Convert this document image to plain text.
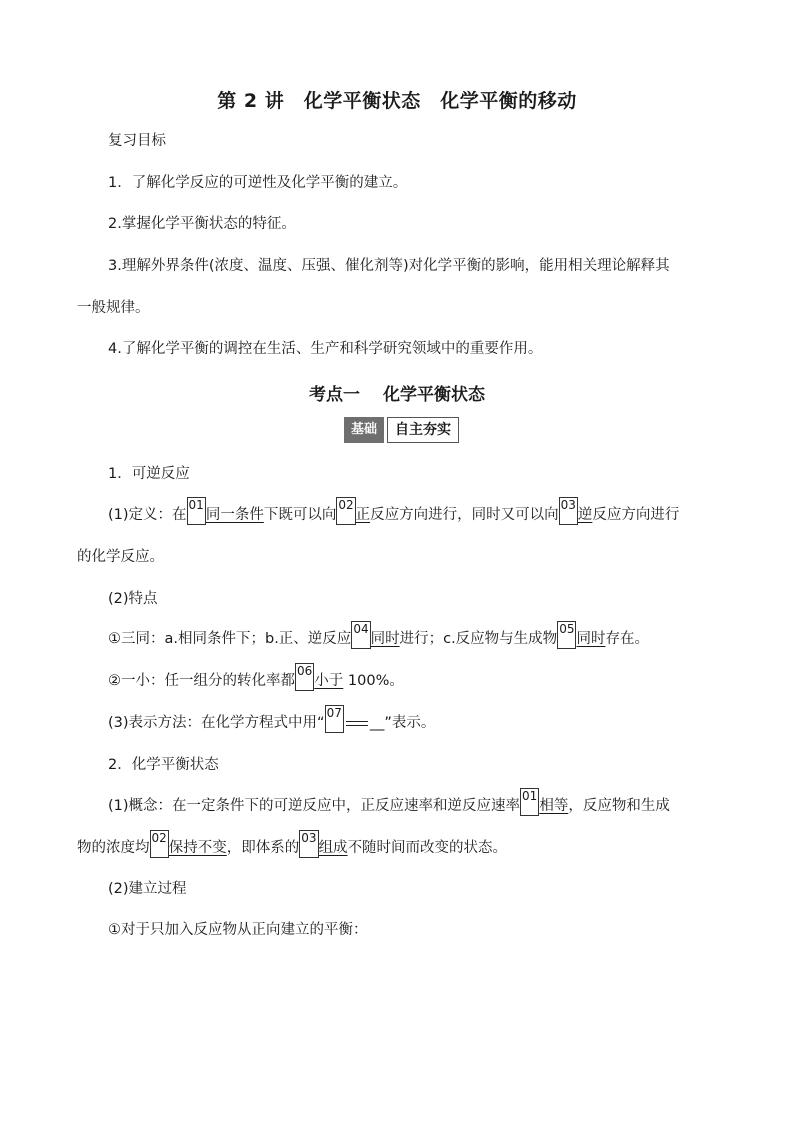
第 2 讲　化学平衡状态　化学平衡的移动
复习目标
1．了解化学反应的可逆性及化学平衡的建立。
2.掌握化学平衡状态的特征。
3.理解外界条件(浓度、温度、压强、催化剂等)对化学平衡的影响，能用相关理论解释其
一般规律。
4.了解化学平衡的调控在生活、生产和科学研究领域中的重要作用。
考点一　 化学平衡状态
基础	自主夯实
1．可逆反应
(1)定义：在01同一条件下既可以向02正反应方向进行，同时又可以向03逆反应方向进行
的化学反应。
(2)特点
①三同：a.相同条件下；b.正、逆反应04同时进行；c.反应物与生成物05同时存在。
②一小：任一组分的转化率都06小于 100%。
(3)表示方法：在化学方程式中用“07__”表示。
2．化学平衡状态
(1)概念：在一定条件下的可逆反应中，正反应速率和逆反应速率01相等，反应物和生成
物的浓度均02保持不变，即体系的03组成不随时间而改变的状态。
(2)建立过程
①对于只加入反应物从正向建立的平衡：
